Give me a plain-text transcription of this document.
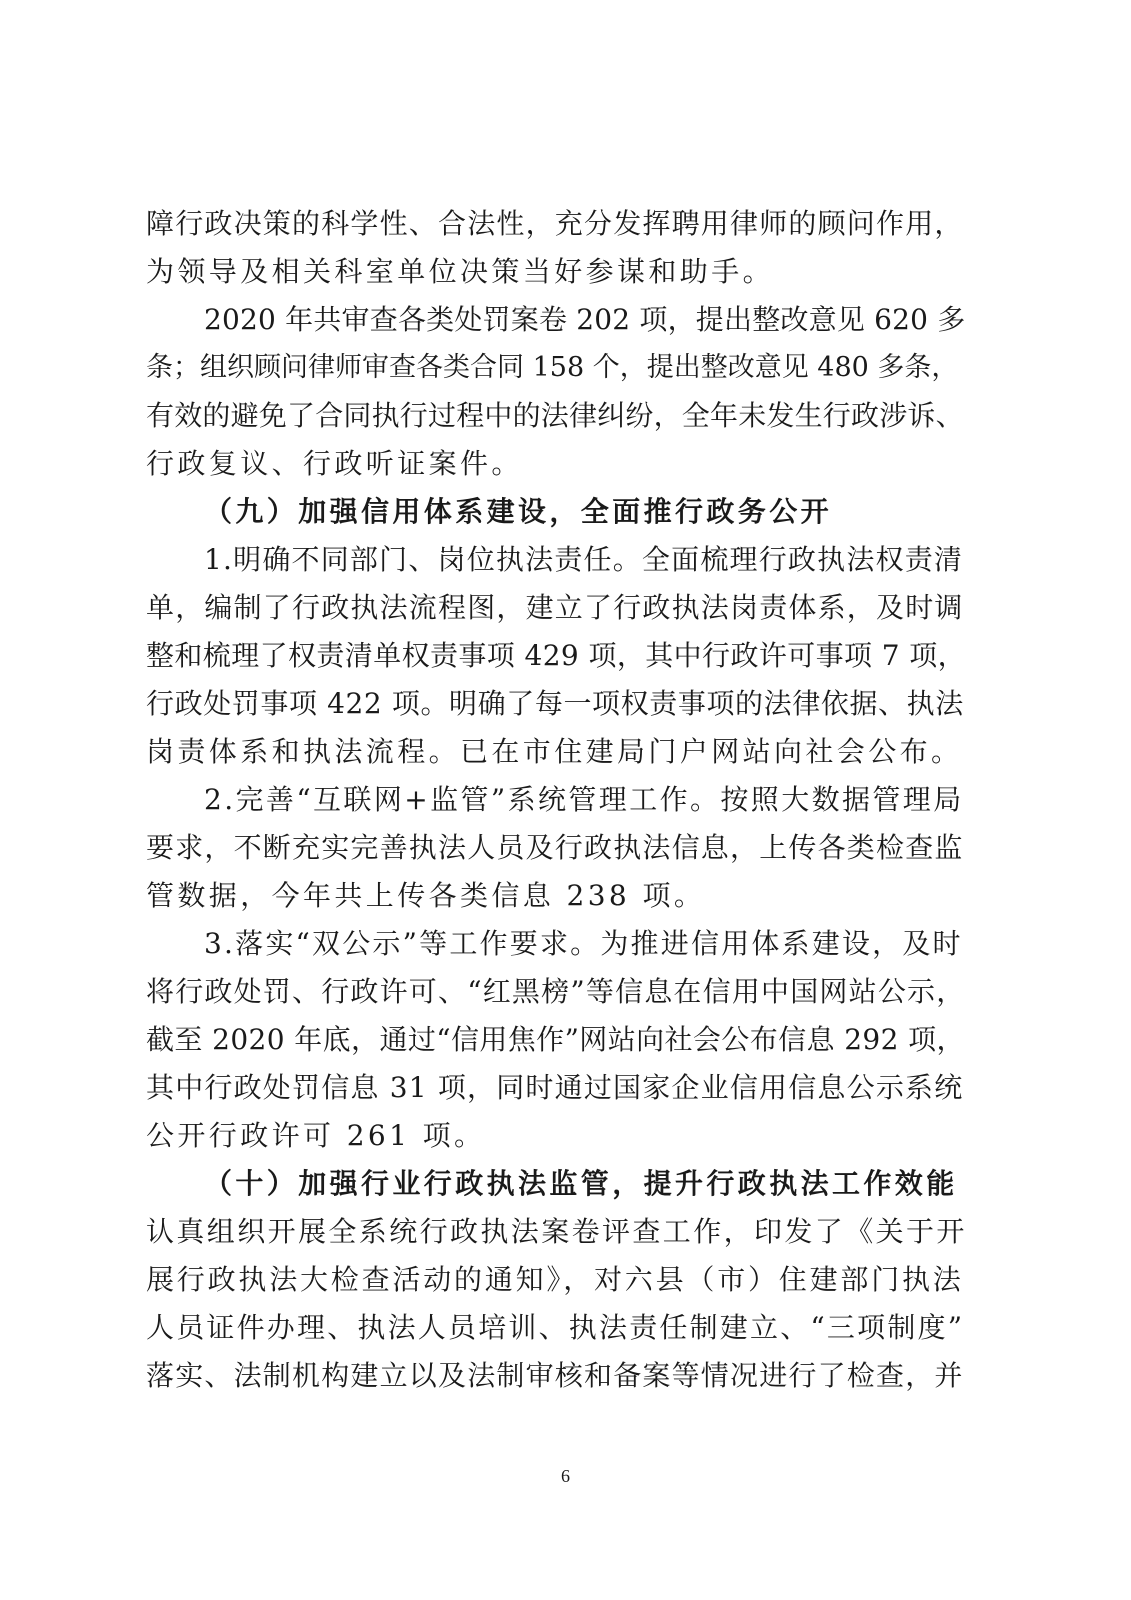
障行政决策的科学性、合法性，充分发挥聘用律师的顾问作用，
为领导及相关科室单位决策当好参谋和助手。
2020 年共审查各类处罚案卷 202 项，提出整改意见 620 多
条；组织顾问律师审查各类合同 158 个，提出整改意见 480 多条，
有效的避免了合同执行过程中的法律纠纷，全年未发生行政涉诉、
行政复议、行政听证案件。
（九）加强信用体系建设，全面推行政务公开
1.明确不同部门、岗位执法责任。全面梳理行政执法权责清
单，编制了行政执法流程图，建立了行政执法岗责体系，及时调
整和梳理了权责清单权责事项 429 项，其中行政许可事项 7 项，
行政处罚事项 422 项。明确了每一项权责事项的法律依据、执法
岗责体系和执法流程。已在市住建局门户网站向社会公布。
2.完善“互联网+监管”系统管理工作。按照大数据管理局
要求，不断充实完善执法人员及行政执法信息，上传各类检查监
管数据，今年共上传各类信息 238 项。
3.落实“双公示”等工作要求。为推进信用体系建设，及时
将行政处罚、行政许可、“红黑榜”等信息在信用中国网站公示，
截至 2020 年底，通过“信用焦作”网站向社会公布信息 292 项，
其中行政处罚信息 31 项，同时通过国家企业信用信息公示系统
公开行政许可 261 项。
（十）加强行业行政执法监管，提升行政执法工作效能
认真组织开展全系统行政执法案卷评查工作，印发了《关于开
展行政执法大检查活动的通知》，对六县（市）住建部门执法
人员证件办理、执法人员培训、执法责任制建立、“三项制度”
落实、法制机构建立以及法制审核和备案等情况进行了检查，并
6
